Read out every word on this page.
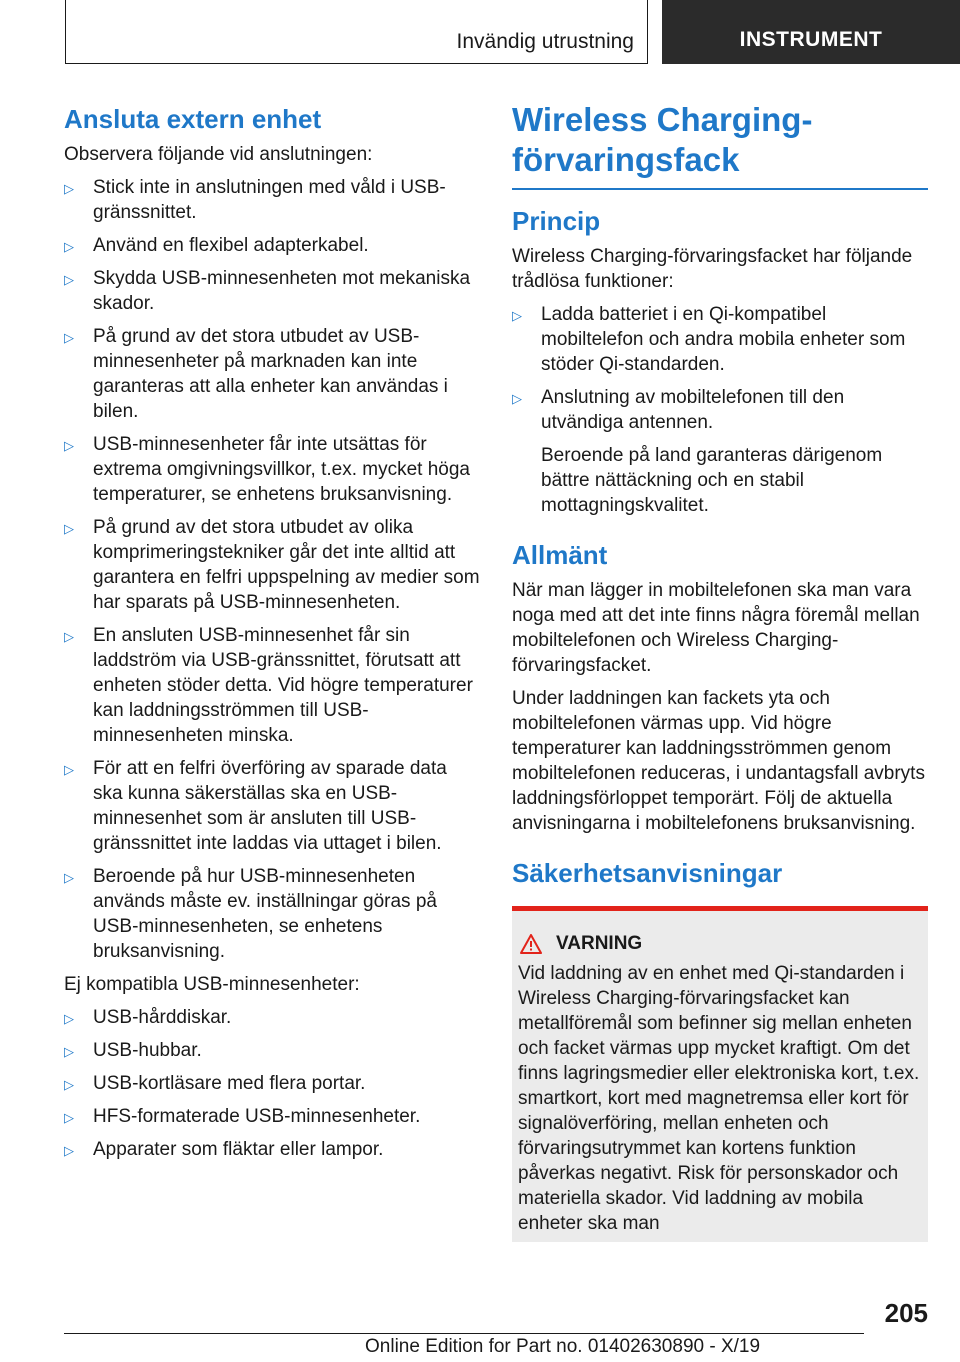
Invändig utrustning	INSTRUMENT
Ansluta extern enhet

Observera följande vid anslutningen:

▷ Stick inte in anslutningen med våld i USB-gränssnittet.
▷ Använd en flexibel adapterkabel.
▷ Skydda USB-minnesenheten mot mekaniska skador.
▷ På grund av det stora utbudet av USB-minnesenheter på marknaden kan inte garanteras att alla enheter kan användas i bilen.
▷ USB-minnesenheter får inte utsättas för extrema omgivningsvillkor, t.ex. mycket höga temperaturer, se enhetens bruksanvisning.
▷ På grund av det stora utbudet av olika komprimeringstekniker går det inte alltid att garantera en felfri uppspelning av medier som har sparats på USB-minnesenheten.
▷ En ansluten USB-minnesenhet får sin laddström via USB-gränssnittet, förutsatt att enheten stöder detta. Vid högre temperaturer kan laddningsströmmen till USB-minnesenheten minska.
▷ För att en felfri överföring av sparade data ska kunna säkerställas ska en USB-minnesenhet som är ansluten till USB-gränssnittet inte laddas via uttaget i bilen.
▷ Beroende på hur USB-minnesenheten används måste ev. inställningar göras på USB-minnesenheten, se enhetens bruksanvisning.

Ej kompatibla USB-minnesenheter:

▷ USB-hårddiskar.
▷ USB-hubbar.
▷ USB-kortläsare med flera portar.
▷ HFS-formaterade USB-minnesenheter.
▷ Apparater som fläktar eller lampor.
Wireless Charging-förvaringsfack
Princip

Wireless Charging-förvaringsfacket har följande trådlösa funktioner:

▷ Ladda batteriet i en Qi-kompatibel mobiltelefon och andra mobila enheter som stöder Qi-standarden.
▷ Anslutning av mobiltelefonen till den utvändiga antennen.
Beroende på land garanteras därigenom bättre nättäckning och en stabil mottagningskvalitet.
Allmänt

När man lägger in mobiltelefonen ska man vara noga med att det inte finns några föremål mellan mobiltelefonen och Wireless Charging-förvaringsfacket.

Under laddningen kan fackets yta och mobiltelefonen värmas upp. Vid högre temperaturer kan laddningsströmmen genom mobiltelefonen reduceras, i undantagsfall avbryts laddningsförloppet temporärt. Följ de aktuella anvisningarna i mobiltelefonens bruksanvisning.

Säkerhetsanvisningar
VARNING

Vid laddning av en enhet med Qi-standarden i Wireless Charging-förvaringsfacket kan metallföremål som befinner sig mellan enheten och facket värmas upp mycket kraftigt. Om det finns lagringsmedier eller elektroniska kort, t.ex. smartkort, kort med magnetremsa eller kort för signalöverföring, mellan enheten och förvaringsutrymmet kan kortens funktion påverkas negativt. Risk för personskador och materiella skador. Vid laddning av mobila enheter ska man

205
Online Edition for Part no. 01402630890 - X/19
